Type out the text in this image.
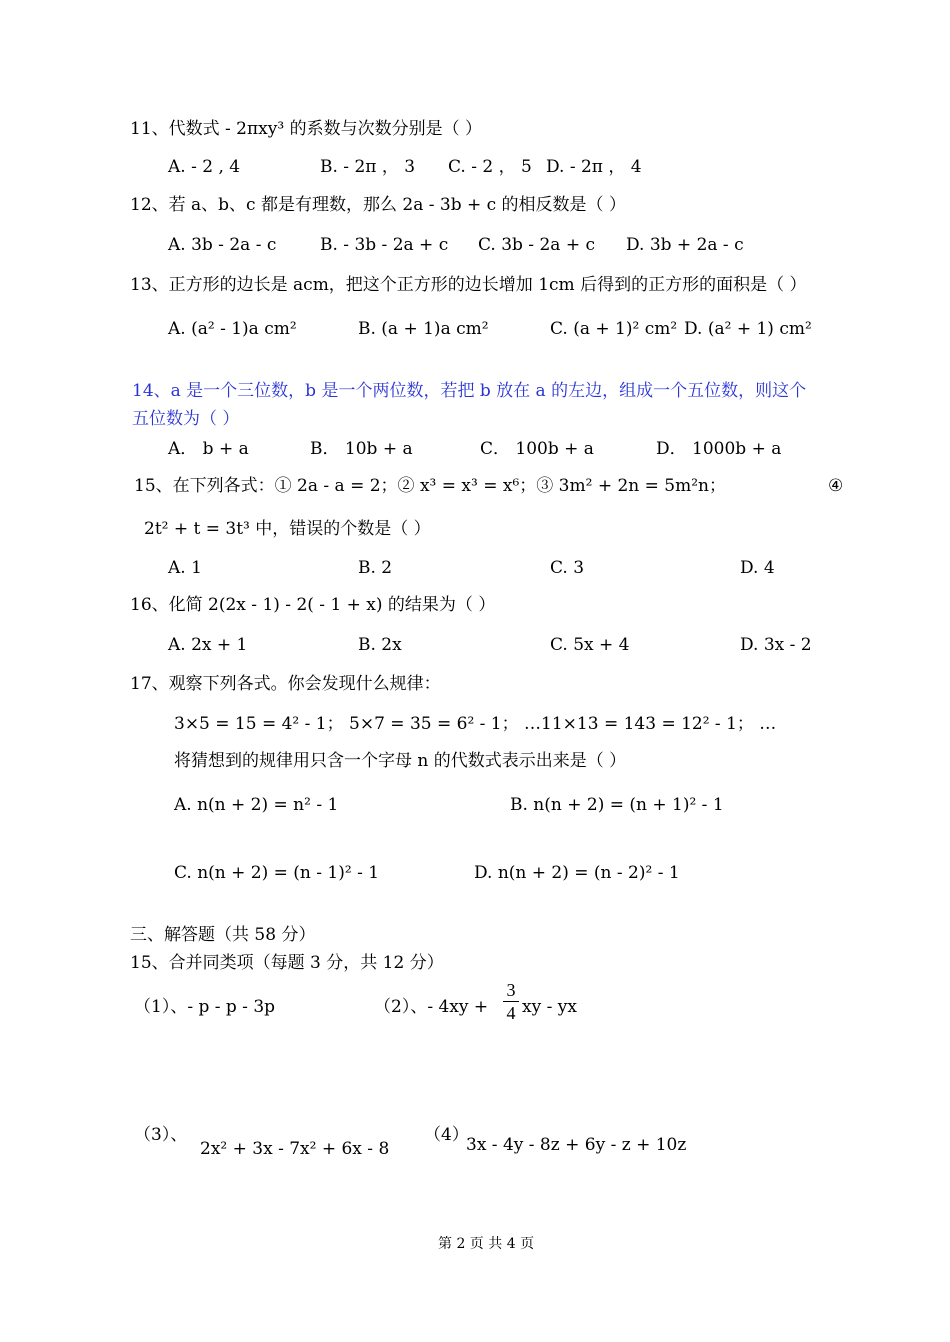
11、代数式 - 2πxy³ 的系数与次数分别是（ ）
A. - 2 , 4	B. - 2π ， 3 C. - 2 ， 5 D. - 2π ， 4
12、若 a、b、c 都是有理数，那么 2a - 3b + c 的相反数是（ ）
A. 3b - 2a - c	B. - 3b - 2a + c C. 3b - 2a + c D. 3b + 2a - c
13、正方形的边长是 acm，把这个正方形的边长增加 1cm 后得到的正方形的面积是（ ）
A. (a² - 1)a cm²	B. (a + 1)a cm²	C. (a + 1)² cm² D. (a² + 1) cm²
14、a 是一个三位数，b 是一个两位数，若把 b 放在 a 的左边，组成一个五位数，则这个
五位数为（ ）
A． b + a	B． 10b + a	C． 100b + a	D． 1000b + a
15、在下列各式：① 2a - a = 2；② x³ = x³ = x⁶；③ 3m² + 2n = 5m²n；	④
2t² + t = 3t³ 中，错误的个数是（ ）
A. 1	B. 2	C. 3	D. 4
16、化简 2(2x - 1) - 2( - 1 + x) 的结果为（ ）
A. 2x + 1	B. 2x	C. 5x + 4	D. 3x - 2
17、观察下列各式。你会发现什么规律：
3×5 = 15 = 4² - 1； 5×7 = 35 = 6² - 1； …11×13 = 143 = 12² - 1； …
将猜想到的规律用只含一个字母 n 的代数式表示出来是（ ）
A. n(n + 2) = n² - 1	B. n(n + 2) = (n + 1)² - 1
C. n(n + 2) = (n - 1)² - 1	D. n(n + 2) = (n - 2)² - 1
三、解答题（共 58 分）
15、合并同类项（每题 3 分，共 12 分）
（1）、- p - p - 3p	（2）、- 4xy +
3
4 xy - yx
（3）、
2x² + 3x - 7x² + 6x - 8
（4）
3x - 4y - 8z + 6y - z + 10z
第 2 页 共 4 页
